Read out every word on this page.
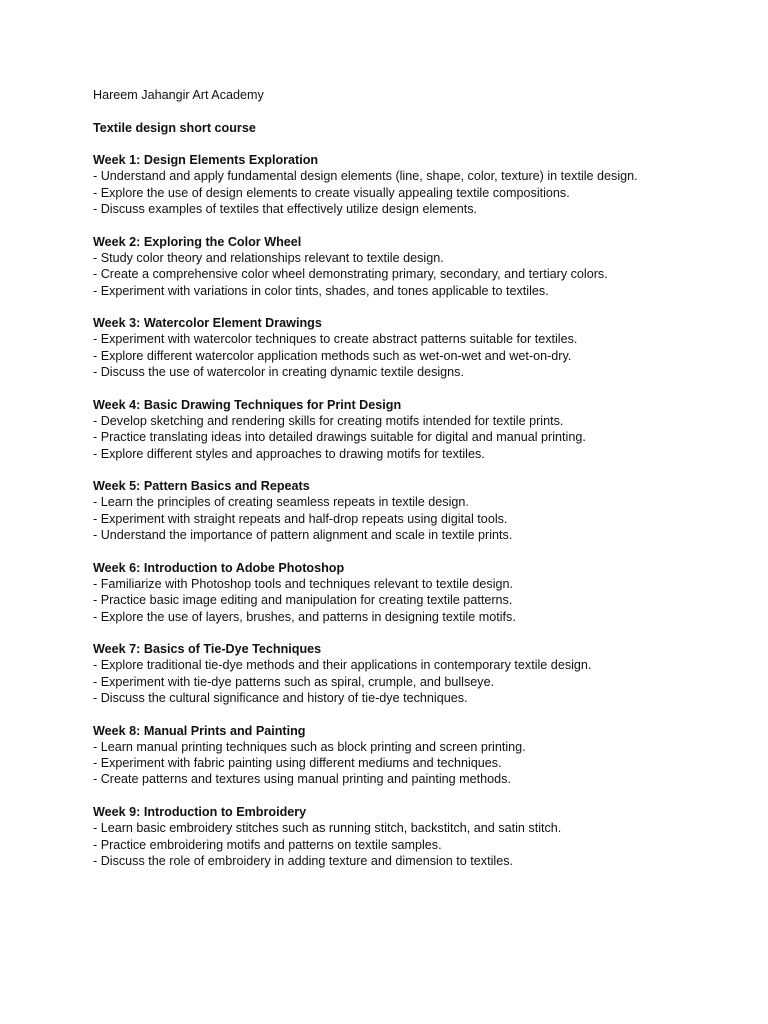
Hareem Jahangir Art Academy

Textile design short course

Week 1: Design Elements Exploration

- Understand and apply fundamental design elements (line, shape, color, texture) in textile design.
- Explore the use of design elements to create visually appealing textile compositions.
- Discuss examples of textiles that effectively utilize design elements.

Week 2: Exploring the Color Wheel

- Study color theory and relationships relevant to textile design.
- Create a comprehensive color wheel demonstrating primary, secondary, and tertiary colors.
- Experiment with variations in color tints, shades, and tones applicable to textiles.

Week 3: Watercolor Element Drawings

- Experiment with watercolor techniques to create abstract patterns suitable for textiles.
- Explore different watercolor application methods such as wet-on-wet and wet-on-dry.
- Discuss the use of watercolor in creating dynamic textile designs.

Week 4: Basic Drawing Techniques for Print Design

- Develop sketching and rendering skills for creating motifs intended for textile prints.
- Practice translating ideas into detailed drawings suitable for digital and manual printing.
- Explore different styles and approaches to drawing motifs for textiles.

Week 5: Pattern Basics and Repeats

- Learn the principles of creating seamless repeats in textile design.
- Experiment with straight repeats and half-drop repeats using digital tools.
- Understand the importance of pattern alignment and scale in textile prints.

Week 6: Introduction to Adobe Photoshop

- Familiarize with Photoshop tools and techniques relevant to textile design.
- Practice basic image editing and manipulation for creating textile patterns.
- Explore the use of layers, brushes, and patterns in designing textile motifs.

Week 7: Basics of Tie-Dye Techniques

- Explore traditional tie-dye methods and their applications in contemporary textile design.
- Experiment with tie-dye patterns such as spiral, crumple, and bullseye.
- Discuss the cultural significance and history of tie-dye techniques.

Week 8: Manual Prints and Painting

- Learn manual printing techniques such as block printing and screen printing.
- Experiment with fabric painting using different mediums and techniques.
- Create patterns and textures using manual printing and painting methods.

Week 9: Introduction to Embroidery

- Learn basic embroidery stitches such as running stitch, backstitch, and satin stitch.
- Practice embroidering motifs and patterns on textile samples.
- Discuss the role of embroidery in adding texture and dimension to textiles.
